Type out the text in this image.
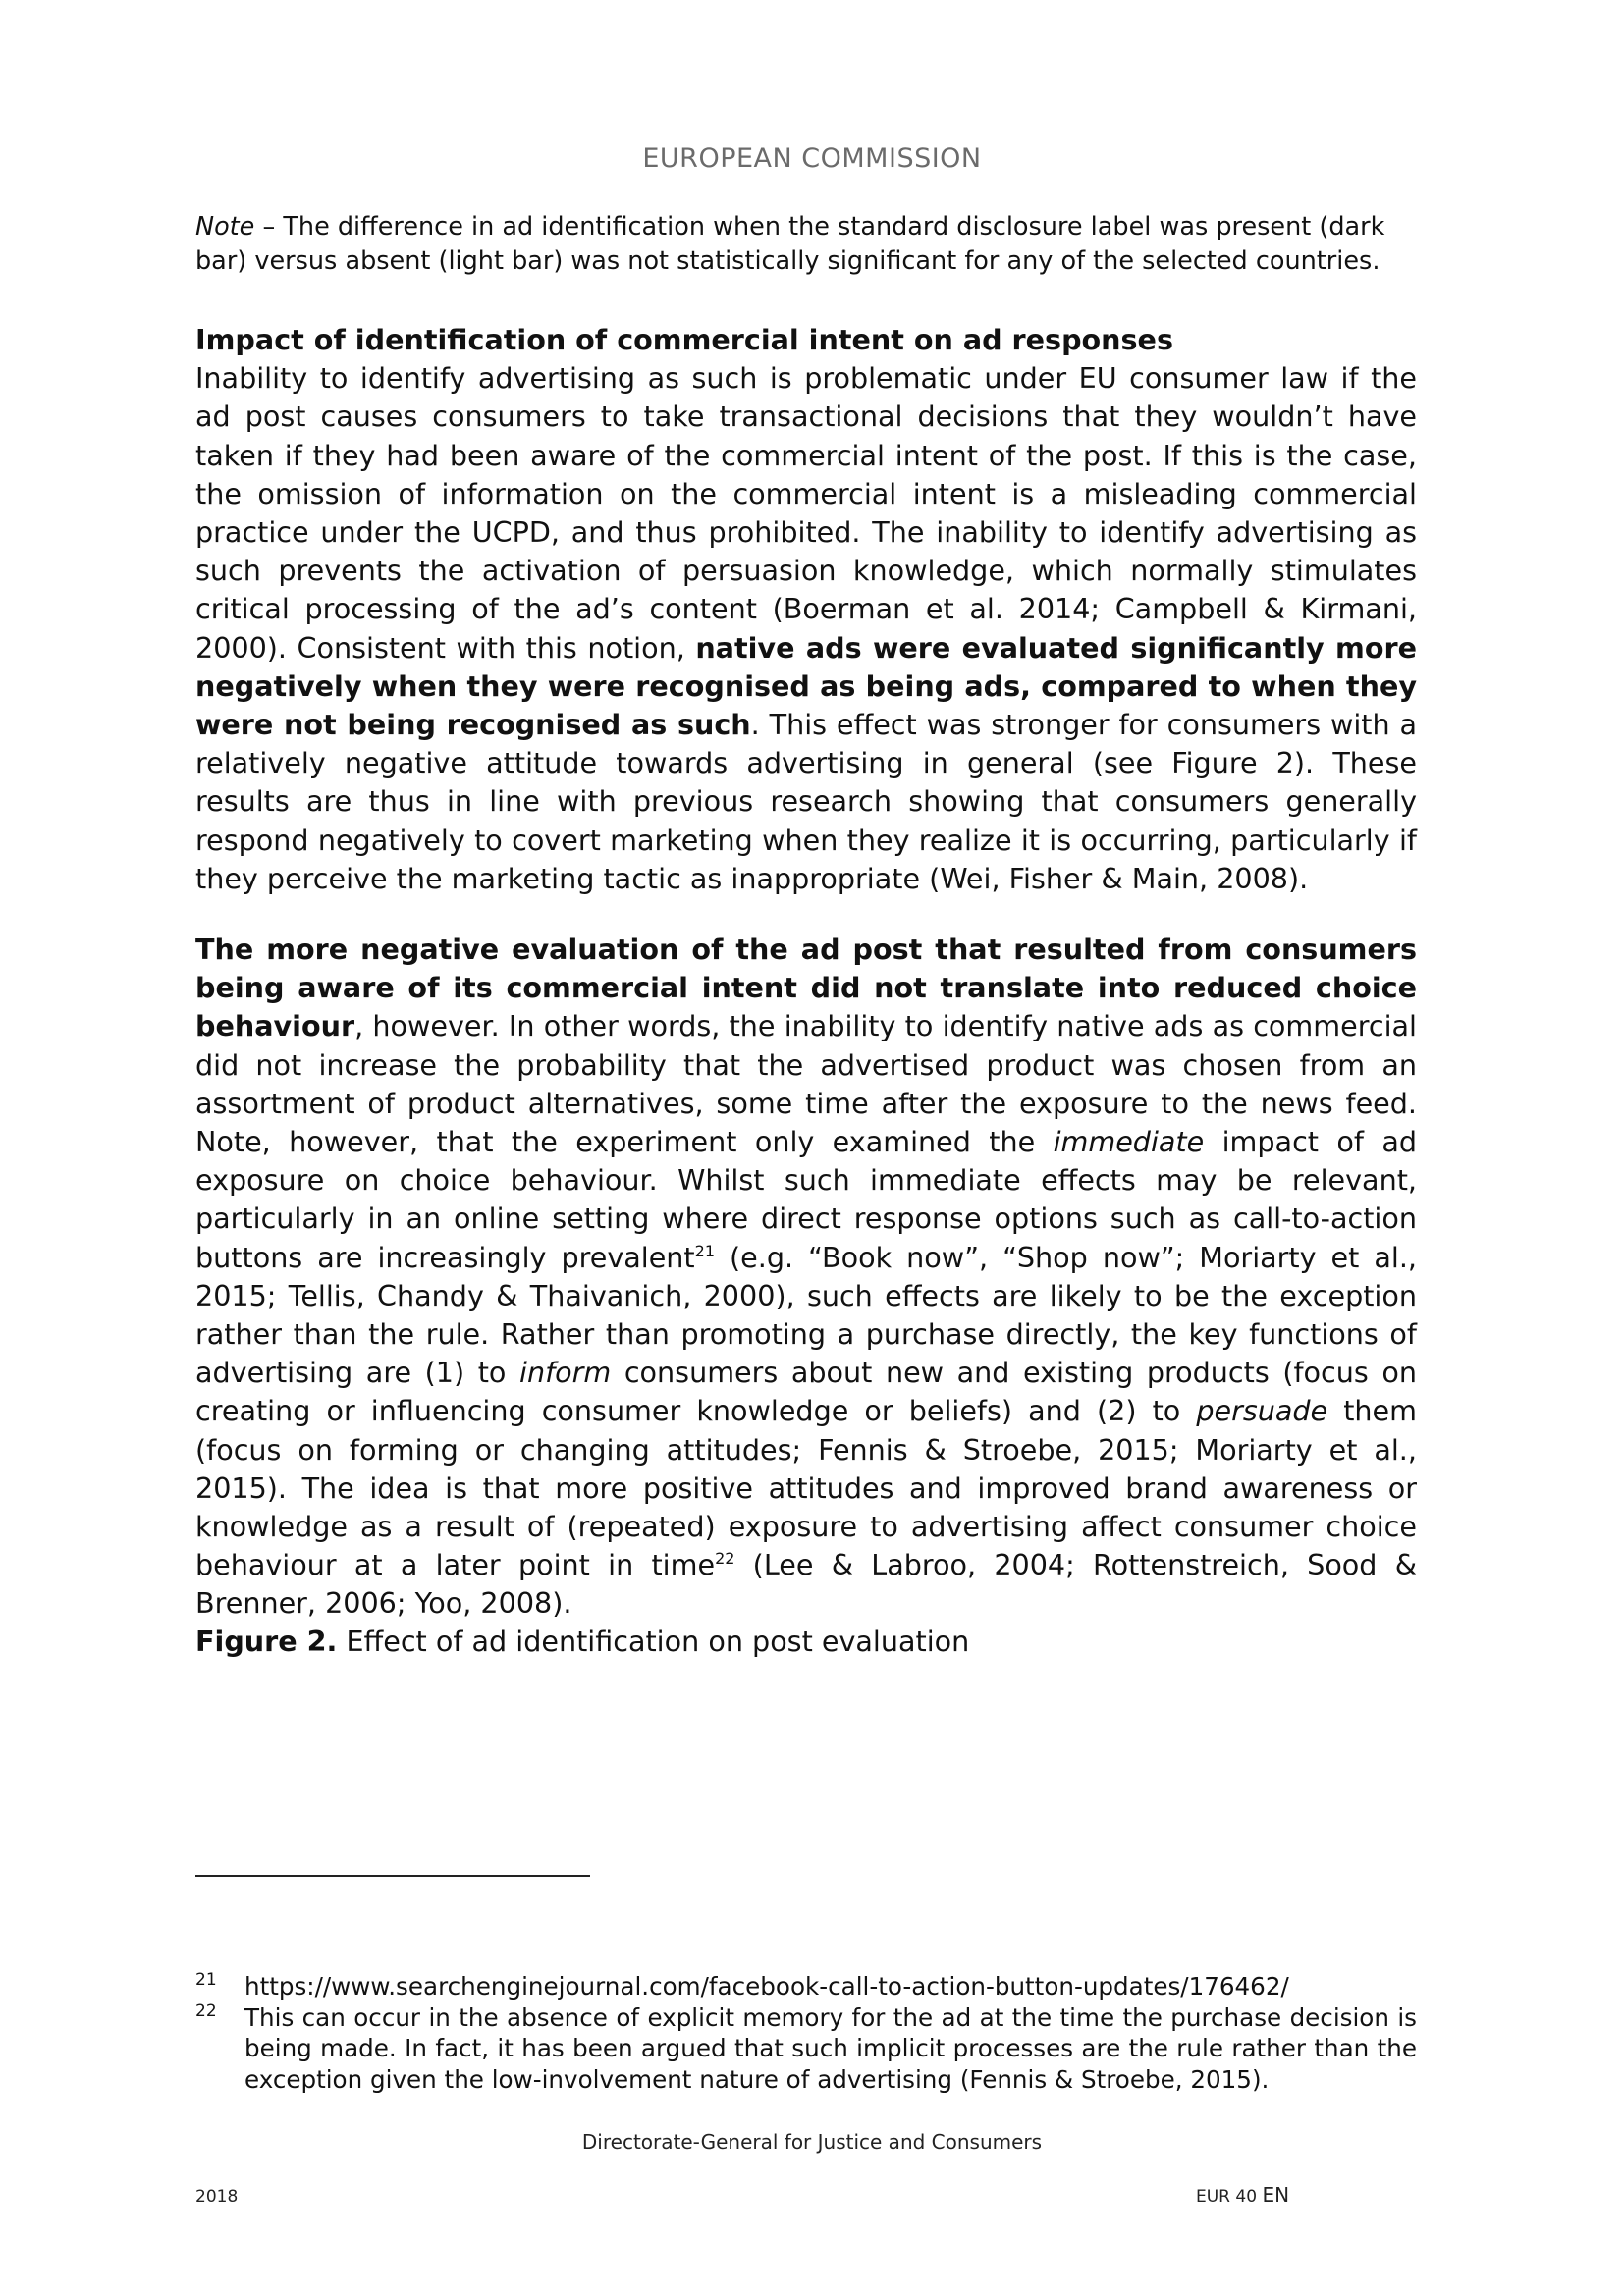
EUROPEAN COMMISSION
Note – The difference in ad identification when the standard disclosure label was present (dark bar) versus absent (light bar) was not statistically significant for any of the selected countries.
Impact of identification of commercial intent on ad responses

Inability to identify advertising as such is problematic under EU consumer law if the ad post causes consumers to take transactional decisions that they wouldn’t have taken if they had been aware of the commercial intent of the post. If this is the case, the omission of information on the commercial intent is a misleading commercial practice under the UCPD, and thus prohibited. The inability to identify advertising as such prevents the activation of persuasion knowledge, which normally stimulates critical processing of the ad’s content (Boerman et al. 2014; Campbell & Kirmani, 2000). Consistent with this notion, native ads were evaluated significantly more negatively when they were recognised as being ads, compared to when they were not being recognised as such. This effect was stronger for consumers with a relatively negative attitude towards advertising in general (see Figure 2). These results are thus in line with previous research showing that consumers generally respond negatively to covert marketing when they realize it is occurring, particularly if they perceive the marketing tactic as inappropriate (Wei, Fisher & Main, 2008).

The more negative evaluation of the ad post that resulted from consumers being aware of its commercial intent did not translate into reduced choice behaviour, however. In other words, the inability to identify native ads as commercial did not increase the probability that the advertised product was chosen from an assortment of product alternatives, some time after the exposure to the news feed. Note, however, that the experiment only examined the immediate impact of ad exposure on choice behaviour. Whilst such immediate effects may be relevant, particularly in an online setting where direct response options such as call-to-action buttons are increasingly prevalent$^{21}$ (e.g. “Book now”, “Shop now”; Moriarty et al., 2015; Tellis, Chandy & Thaivanich, 2000), such effects are likely to be the exception rather than the rule. Rather than promoting a purchase directly, the key functions of advertising are (1) to inform consumers about new and existing products (focus on creating or influencing consumer knowledge or beliefs) and (2) to persuade them (focus on forming or changing attitudes; Fennis & Stroebe, 2015; Moriarty et al., 2015). The idea is that more positive attitudes and improved brand awareness or knowledge as a result of (repeated) exposure to advertising affect consumer choice behaviour at a later point in time$^{22}$ (Lee & Labroo, 2004; Rottenstreich, Sood & Brenner, 2006; Yoo, 2008).

Figure 2. Effect of ad identification on post evaluation
21 https://www.searchenginejournal.com/facebook-call-to-action-button-updates/176462/
22 This can occur in the absence of explicit memory for the ad at the time the purchase decision is being made. In fact, it has been argued that such implicit processes are the rule rather than the exception given the low-involvement nature of advertising (Fennis & Stroebe, 2015).
Directorate-General for Justice and Consumers
2018	EUR 40 EN
